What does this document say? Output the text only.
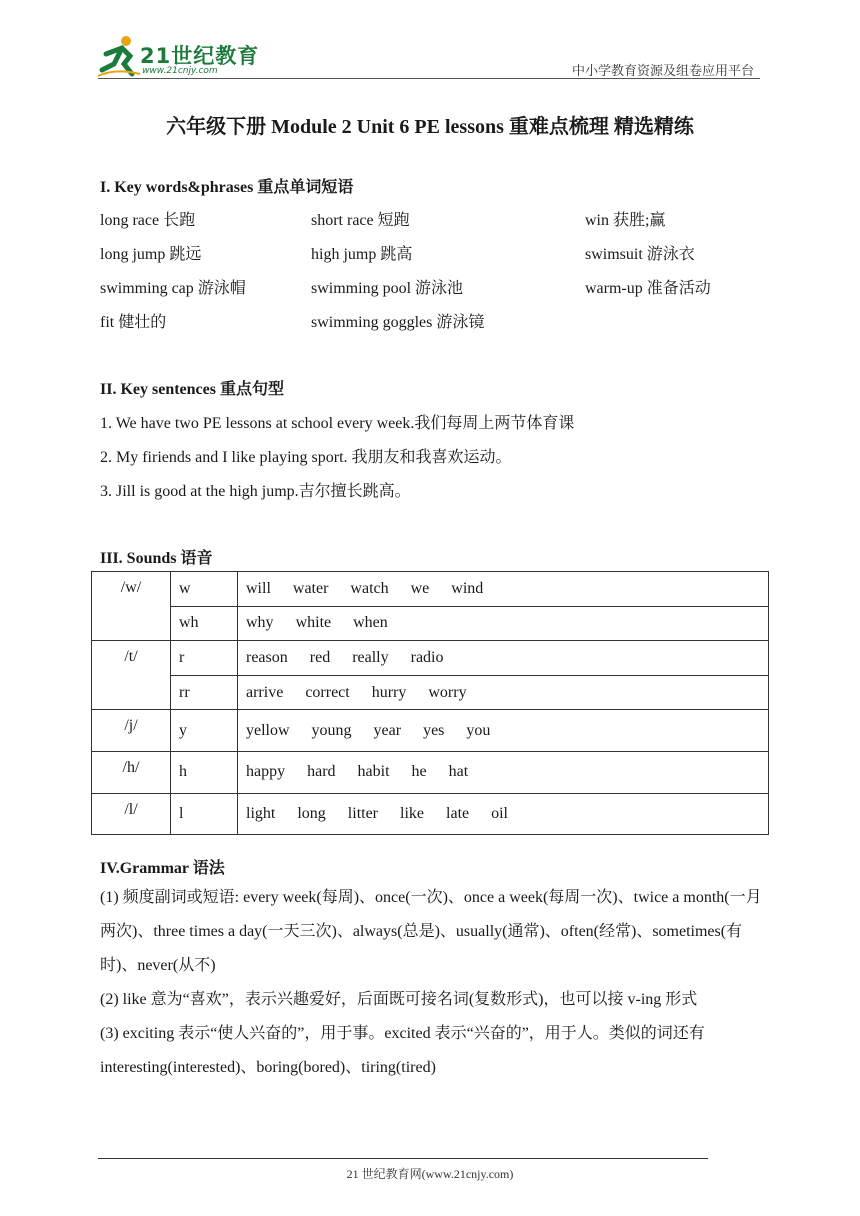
21世纪教育
www.21cnjy.com	中小学教育资源及组卷应用平台
六年级下册 Module 2 Unit 6 PE lessons 重难点梳理 精选精练
I. Key words&phrases 重点单词短语
long race 长跑	short race 短跑	win 获胜;赢
long jump 跳远	high jump 跳高	swimsuit 游泳衣
swimming cap 游泳帽	swimming pool 游泳池	warm-up 准备活动
fit 健壮的	swimming goggles 游泳镜
II. Key sentences 重点句型
1. We have two PE lessons at school every week.我们每周上两节体育课
2. My firiends and I like playing sport. 我朋友和我喜欢运动。
3. Jill is good at the high jump.吉尔擅长跳高。
III. Sounds 语音
/w/	w	will water watch we wind
	wh	why white when
/t/	r	reason red really radio
	rr	arrive correct hurry worry
/j/	y	yellow young year yes you
/h/	h	happy hard habit he hat
/l/	l	light long litter like late oil
IV.Grammar 语法
(1) 频度副词或短语: every week(每周)、once(一次)、once a week(每周一次)、twice a month(一月两次)、three times a day(一天三次)、always(总是)、usually(通常)、often(经常)、sometimes(有时)、never(从不)
(2) like 意为“喜欢”，表示兴趣爱好，后面既可接名词(复数形式)，也可以接 v-ing 形式
(3) exciting 表示“使人兴奋的”，用于事。excited 表示“兴奋的”，用于人。类似的词还有 interesting(interested)、boring(bored)、tiring(tired)
21 世纪教育网(www.21cnjy.com)
